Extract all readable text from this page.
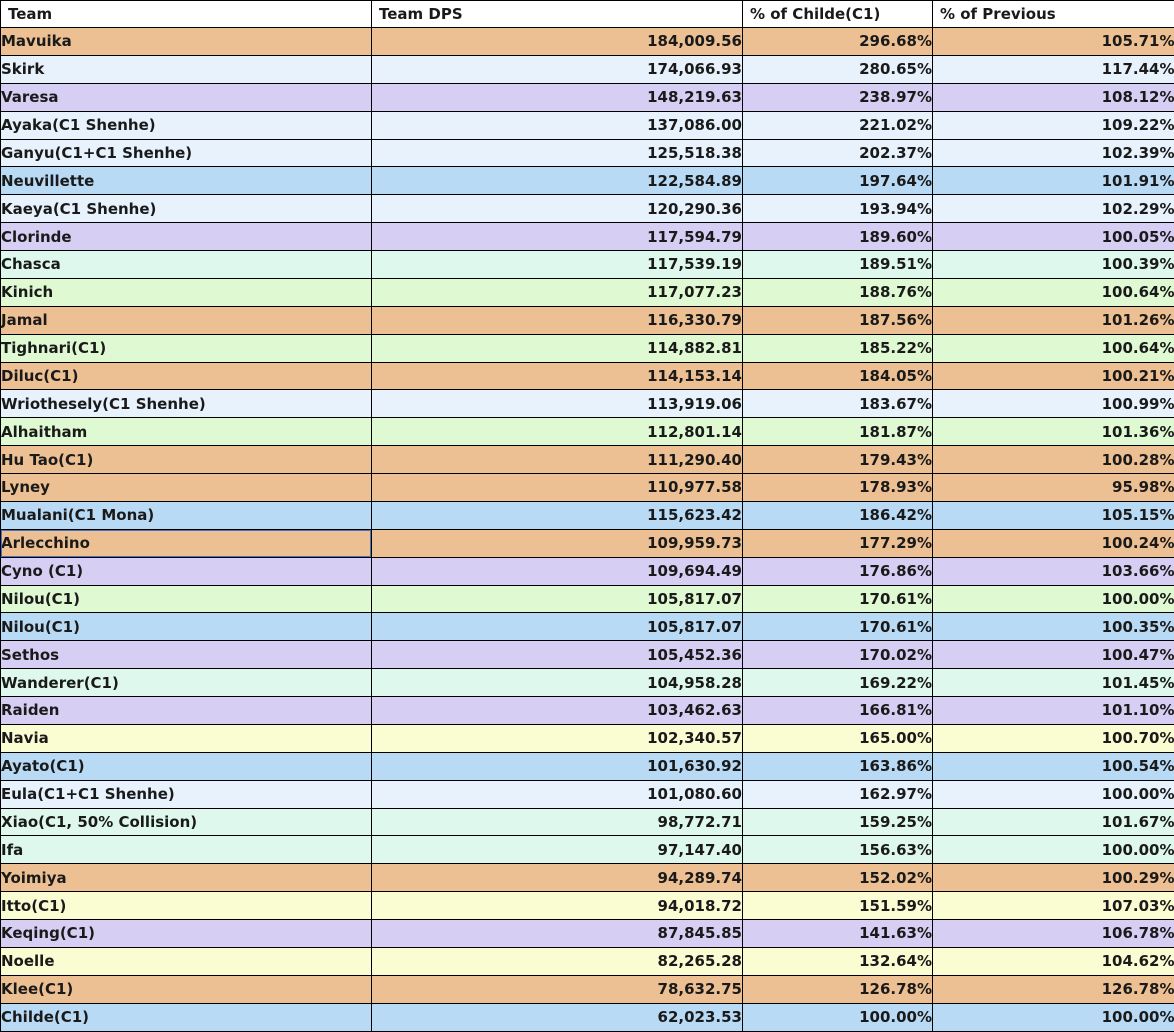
Team	Team DPS	% of Childe(C1)	% of Previous
Mavuika	184,009.56	296.68%	105.71%
Skirk	174,066.93	280.65%	117.44%
Varesa	148,219.63	238.97%	108.12%
Ayaka(C1 Shenhe)	137,086.00	221.02%	109.22%
Ganyu(C1+C1 Shenhe)	125,518.38	202.37%	102.39%
Neuvillette	122,584.89	197.64%	101.91%
Kaeya(C1 Shenhe)	120,290.36	193.94%	102.29%
Clorinde	117,594.79	189.60%	100.05%
Chasca	117,539.19	189.51%	100.39%
Kinich	117,077.23	188.76%	100.64%
Jamal	116,330.79	187.56%	101.26%
Tighnari(C1)	114,882.81	185.22%	100.64%
Diluc(C1)	114,153.14	184.05%	100.21%
Wriothesely(C1 Shenhe)	113,919.06	183.67%	100.99%
Alhaitham	112,801.14	181.87%	101.36%
Hu Tao(C1)	111,290.40	179.43%	100.28%
Lyney	110,977.58	178.93%	95.98%
Mualani(C1 Mona)	115,623.42	186.42%	105.15%
Arlecchino	109,959.73	177.29%	100.24%
Cyno (C1)	109,694.49	176.86%	103.66%
Nilou(C1)	105,817.07	170.61%	100.00%
Nilou(C1)	105,817.07	170.61%	100.35%
Sethos	105,452.36	170.02%	100.47%
Wanderer(C1)	104,958.28	169.22%	101.45%
Raiden	103,462.63	166.81%	101.10%
Navia	102,340.57	165.00%	100.70%
Ayato(C1)	101,630.92	163.86%	100.54%
Eula(C1+C1 Shenhe)	101,080.60	162.97%	100.00%
Xiao(C1, 50% Collision)	98,772.71	159.25%	101.67%
Ifa	97,147.40	156.63%	100.00%
Yoimiya	94,289.74	152.02%	100.29%
Itto(C1)	94,018.72	151.59%	107.03%
Keqing(C1)	87,845.85	141.63%	106.78%
Noelle	82,265.28	132.64%	104.62%
Klee(C1)	78,632.75	126.78%	126.78%
Childe(C1)	62,023.53	100.00%	100.00%
